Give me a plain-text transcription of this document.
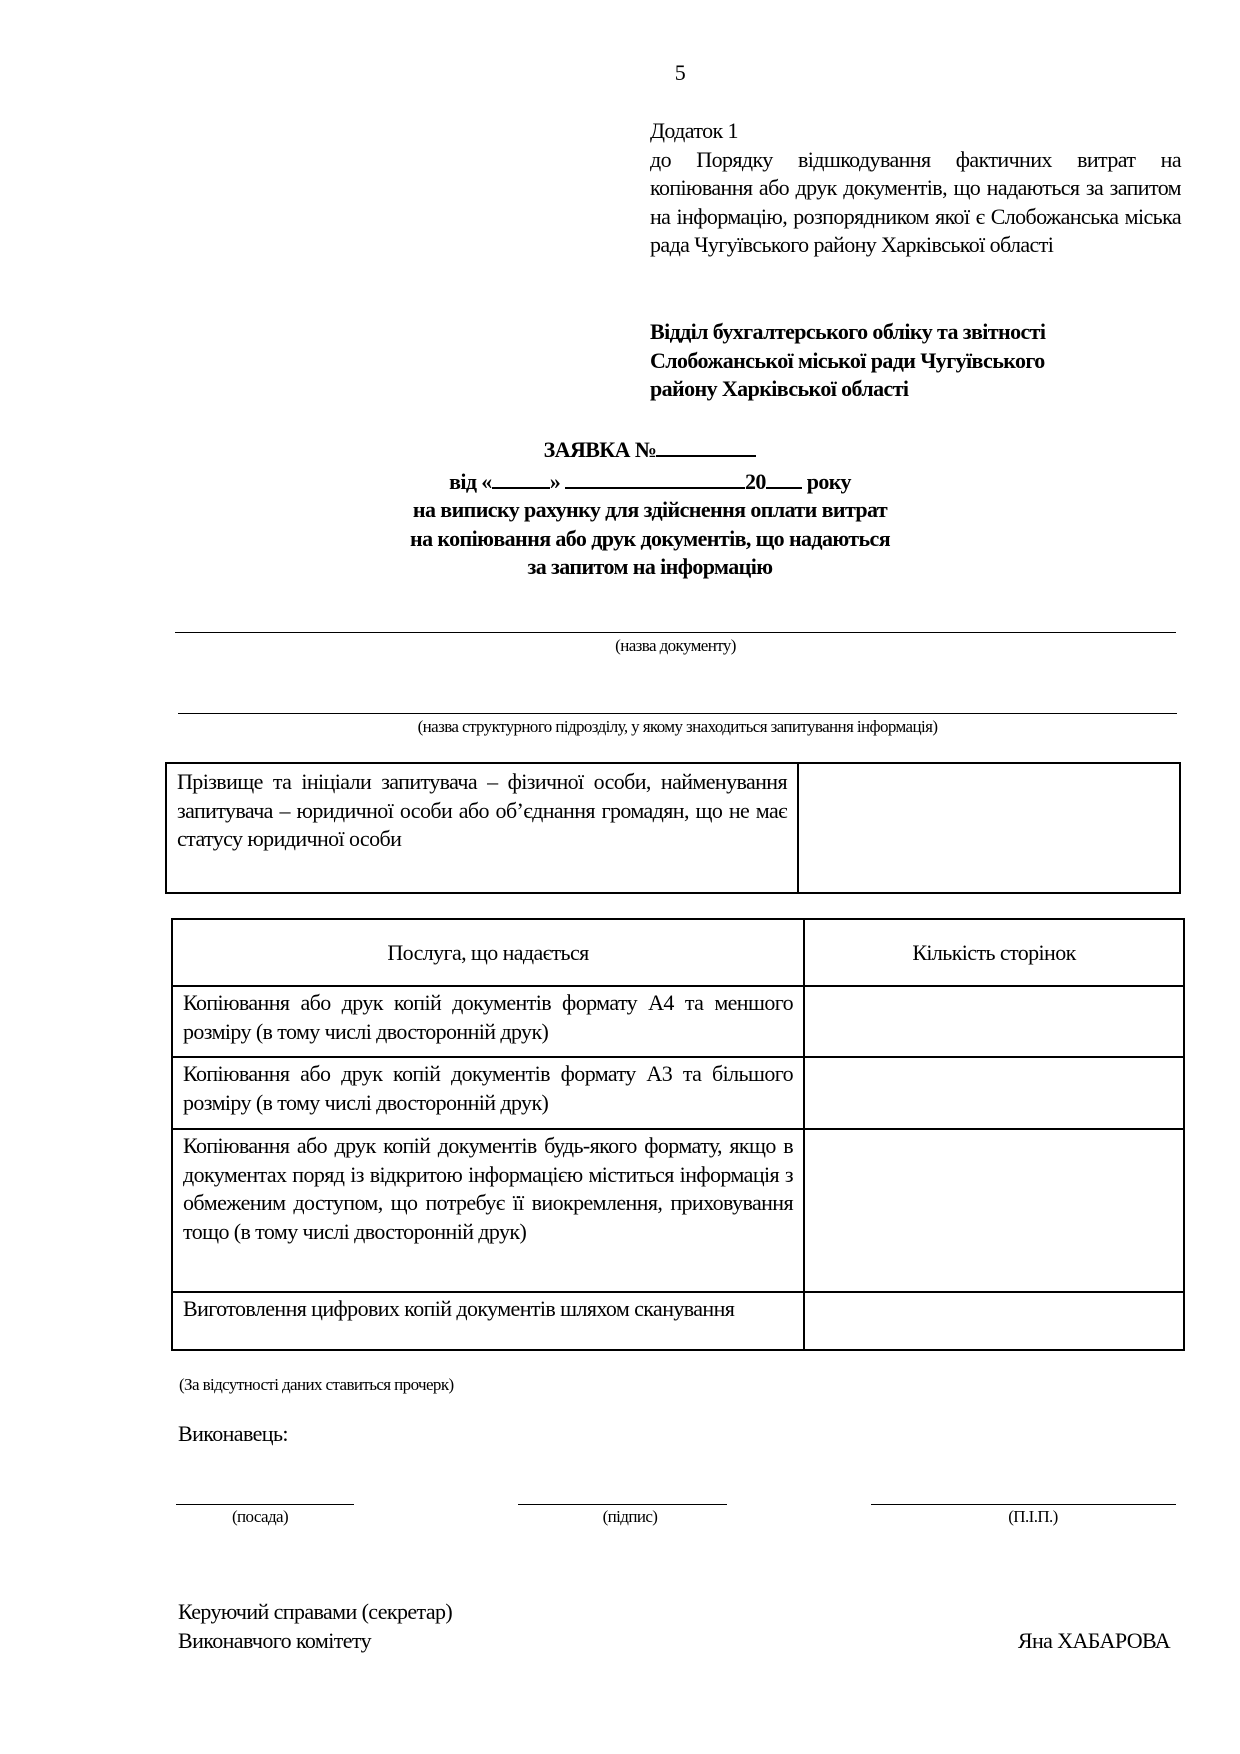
5
Додаток 1
до Порядку відшкодування фактичних витрат на копіювання або друк документів, що надаються за запитом на інформацію, розпорядником якої є Слобожанська міська рада Чугуївського району Харківської області
Відділ бухгалтерського обліку та звітності
Слобожанської міської ради Чугуївського
району Харківської області
ЗАЯВКА №
від «	»	20 року
на виписку рахунку для здійснення оплати витрат
на копіювання або друк документів, що надаються
за запитом на інформацію
(назва документу)
(назва структурного підрозділу, у якому знаходиться запитування інформація)
Прізвище та ініціали запитувача – фізичної особи, найменування запитувача – юридичної особи або об’єднання громадян, що не має статусу юридичної особи	
Послуга, що надається	Кількість сторінок
Копіювання або друк копій документів формату А4 та меншого розміру (в тому числі двосторонній друк)	
Копіювання або друк копій документів формату А3 та більшого розміру (в тому числі двосторонній друк)	
Копіювання або друк копій документів будь-якого формату, якщо в документах поряд із відкритою інформацією міститься інформація з обмеженим доступом, що потребує її виокремлення, приховування тощо (в тому числі двосторонній друк)	
Виготовлення цифрових копій документів шляхом сканування	
(За відсутності даних ставиться прочерк)
Виконавець:
(посада)	(підпис)	(П.І.П.)
Керуючий справами (секретар)
Виконавчого комітету	Яна ХАБАРОВА
